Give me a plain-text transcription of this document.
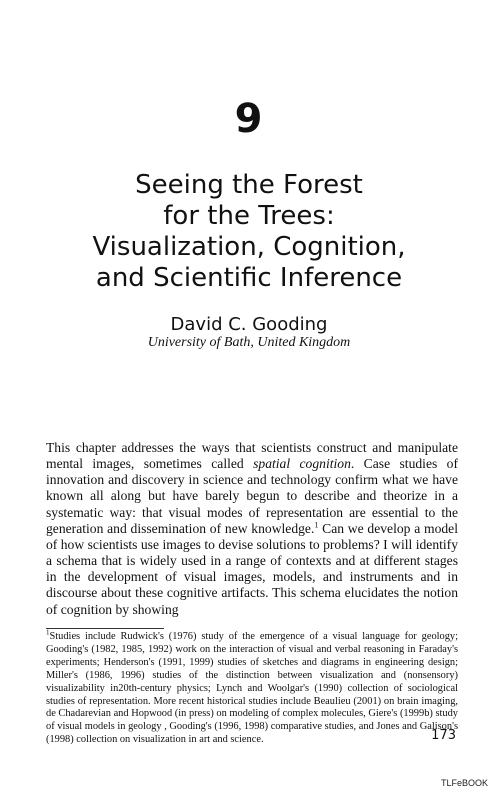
9
Seeing the Forest
for the Trees:
Visualization, Cognition,
and Scientific Inference
David C. Gooding
University of Bath, United Kingdom

This chapter addresses the ways that scientists construct and manipulate mental images, sometimes called spatial cognition. Case studies of innovation and discovery in science and technology confirm what we have known all along but have barely begun to describe and theorize in a systematic way: that visual modes of representation are essential to the generation and dissemination of new knowledge.$^1$ Can we develop a model of how scientists use images to devise solutions to problems? I will identify a schema that is widely used in a range of contexts and at different stages in the development of visual images, models, and instruments and in discourse about these cognitive artifacts. This schema elucidates the notion of cognition by showing

$^1$Studies include Rudwick's (1976) study of the emergence of a visual language for geology; Gooding's (1982, 1985, 1992) work on the interaction of visual and verbal reasoning in Faraday's experiments; Henderson's (1991, 1999) studies of sketches and diagrams in engineering design; Miller's (1986, 1996) studies of the distinction between visualization and (nonsensory) visualizability in20th-century physics; Lynch and Woolgar's (1990) collection of sociological studies of representation. More recent historical studies include Beaulieu (2001) on brain imaging, de Chadarevian and Hopwood (in press) on modeling of complex molecules, Giere's (1999b) study of visual models in geology , Gooding's (1996, 1998) comparative studies, and Jones and Galison's (1998) collection on visualization in art and science.	173
TLFeBOOK
